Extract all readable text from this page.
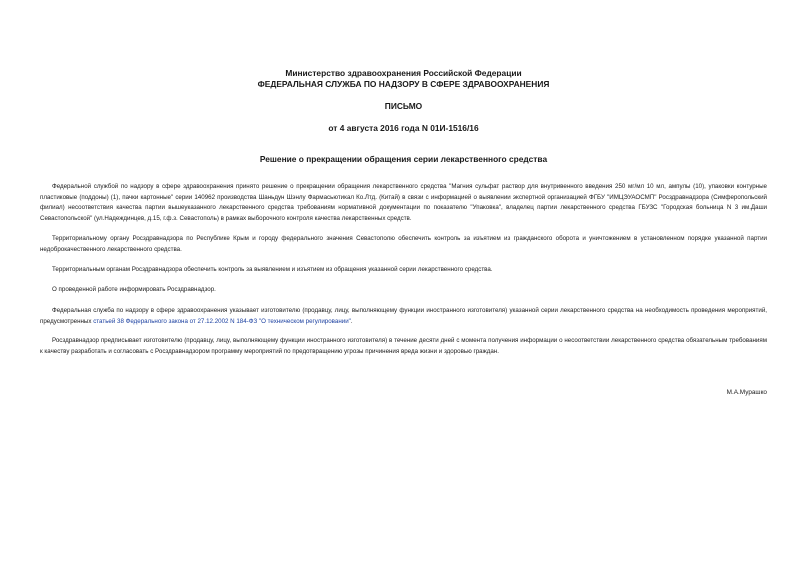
Министерство здравоохранения Российской Федерации
ФЕДЕРАЛЬНАЯ СЛУЖБА ПО НАДЗОРУ В СФЕРЕ ЗДРАВООХРАНЕНИЯ
ПИСЬМО
от 4 августа 2016 года N 01И-1516/16
Решение о прекращении обращения серии лекарственного средства

Федеральной службой по надзору в сфере здравоохранения принято решение о прекращении обращения лекарственного средства "Магния сульфат раствор для внутривенного введения 250 мг/мл 10 мл, ампулы (10), упаковки контурные пластиковые (поддоны) (1), пачки картонные" серии 140962 производства Шаньдун Шэнлу Фармасьютикал Ко.Лтд. (Китай) в связи с информацией о выявлении экспертной организацией ФГБУ "ИМЦЭУАОСМП" Росздравнадзора (Симферопольский филиал) несоответствия качества партии вышеуказанного лекарственного средства требованиям нормативной документации по показателю "Упаковка", владелец партии лекарственного средства ГБУЗС "Городская больница N 3 им.Даши Севастопольской" (ул.Надеждинцев, д.15, г.ф.з. Севастополь) в рамках выборочного контроля качества лекарственных средств.

Территориальному органу Росздравнадзора по Республике Крым и городу федерального значения Севастополю обеспечить контроль за изъятием из гражданского оборота и уничтожением в установленном порядке указанной партии недоброкачественного лекарственного средства.

Территориальным органам Росздравнадзора обеспечить контроль за выявлением и изъятием из обращения указанной серии лекарственного средства.

О проведенной работе информировать Росздравнадзор.

Федеральная служба по надзору в сфере здравоохранения указывает изготовителю (продавцу, лицу, выполняющему функции иностранного изготовителя) указанной серии лекарственного средства на необходимость проведения мероприятий, предусмотренных статьей 38 Федерального закона от 27.12.2002 N 184-ФЗ "О техническом регулировании".

Росздравнадзор предписывает изготовителю (продавцу, лицу, выполняющему функции иностранного изготовителя) в течение десяти дней с момента получения информации о несоответствии лекарственного средства обязательным требованиям к качеству разработать и согласовать с Росздравнадзором программу мероприятий по предотвращению угрозы причинения вреда жизни и здоровью граждан.

М.А.Мурашко
